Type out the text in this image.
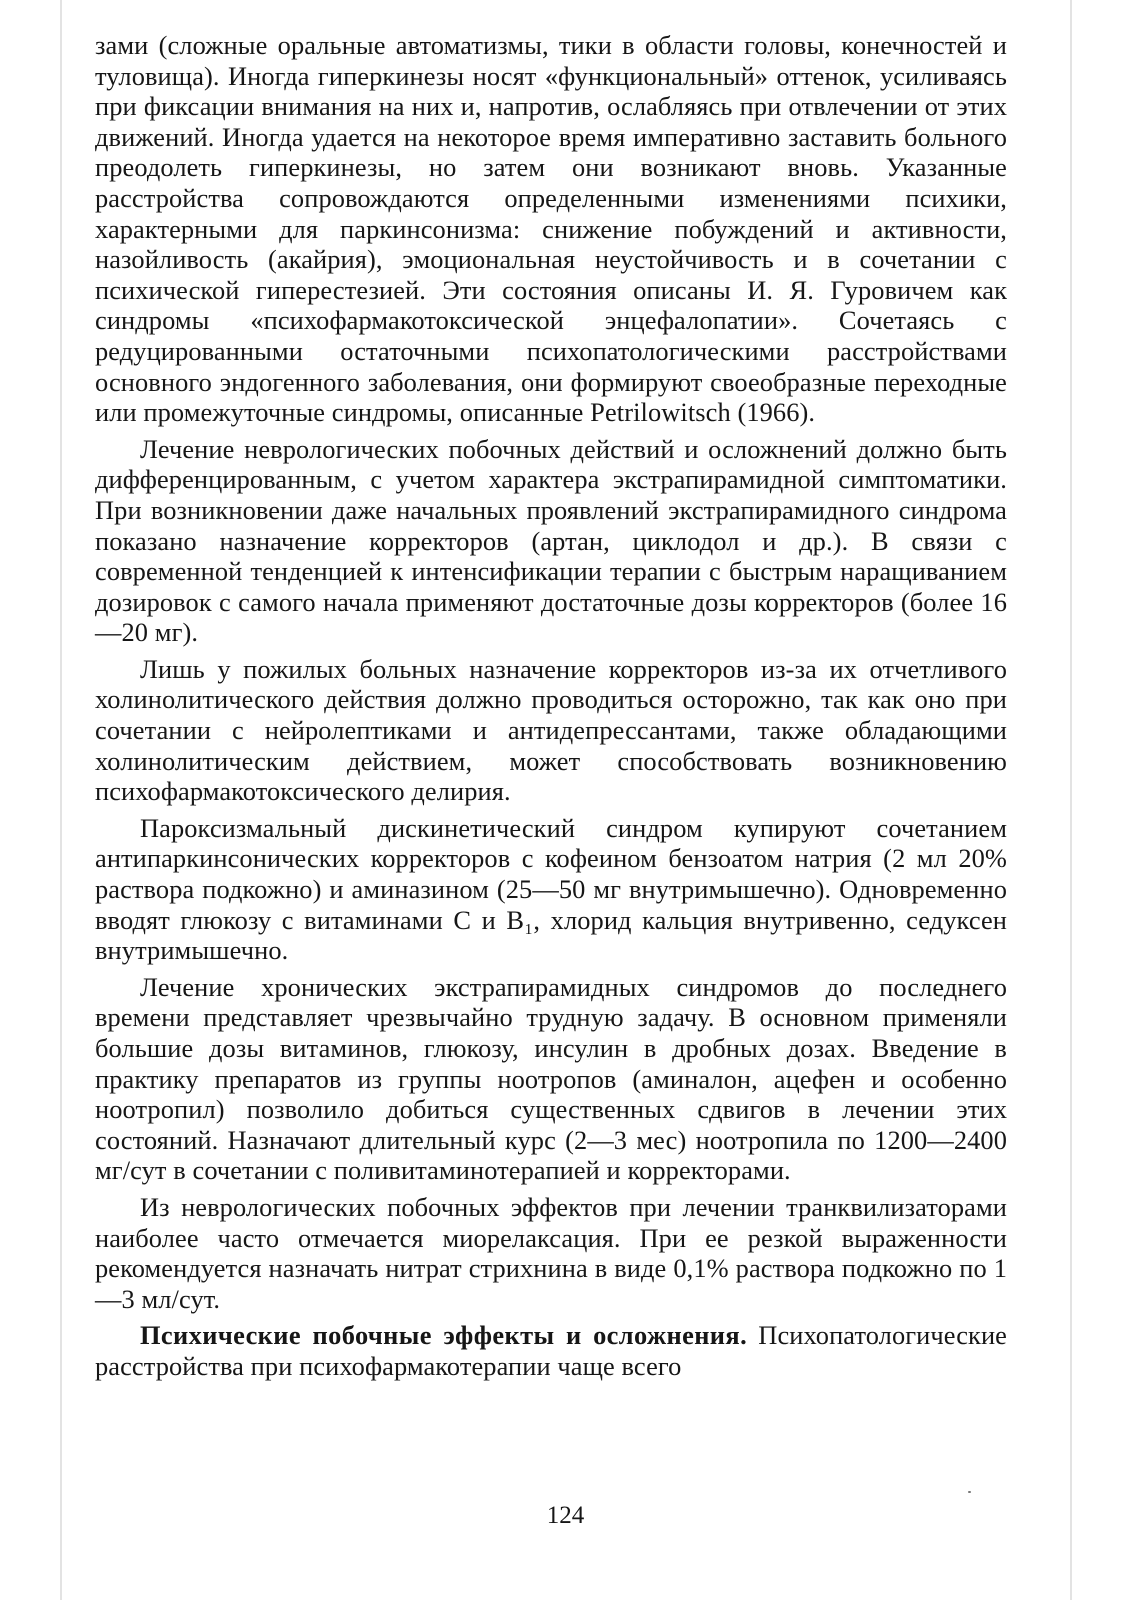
зами (сложные оральные автоматизмы, тики в области головы, конечностей и туловища). Иногда гиперкинезы носят «функциональный» оттенок, усиливаясь при фиксации внимания на них и, напротив, ослабляясь при отвлечении от этих движений. Иногда удается на некоторое время императивно заставить больного преодолеть гиперкинезы, но затем они возникают вновь. Указанные расстройства сопровождаются определенными изменениями психики, характерными для паркинсонизма: снижение побуждений и активности, назойливость (акайрия), эмоциональная неустойчивость и в сочетании с психической гиперестезией. Эти состояния описаны И. Я. Гуровичем как синдромы «психофармакотоксической энцефалопатии». Сочетаясь с редуцированными остаточными психопатологическими расстройствами основного эндогенного заболевания, они формируют своеобразные переходные или промежуточные синдромы, описанные Petrilowitsch (1966).

Лечение неврологических побочных действий и осложнений должно быть дифференцированным, с учетом характера экстрапирамидной симптоматики. При возникновении даже начальных проявлений экстрапирамидного синдрома показано назначение корректоров (артан, циклодол и др.). В связи с современной тенденцией к интенсификации терапии с быстрым наращиванием дозировок с самого начала применяют достаточные дозы корректоров (более 16—20 мг).

Лишь у пожилых больных назначение корректоров из-за их отчетливого холинолитического действия должно проводиться осторожно, так как оно при сочетании с нейролептиками и антидепрессантами, также обладающими холинолитическим действием, может способствовать возникновению психофармакотоксического делирия.

Пароксизмальный дискинетический синдром купируют сочетанием антипаркинсонических корректоров с кофеином бензоатом натрия (2 мл 20% раствора подкожно) и аминазином (25—50 мг внутримышечно). Одновременно вводят глюкозу с витаминами С и В₁, хлорид кальция внутривенно, седуксен внутримышечно.

Лечение хронических экстрапирамидных синдромов до последнего времени представляет чрезвычайно трудную задачу. В основном применяли большие дозы витаминов, глюкозу, инсулин в дробных дозах. Введение в практику препаратов из группы ноотропов (аминалон, ацефен и особенно ноотропил) позволило добиться существенных сдвигов в лечении этих состояний. Назначают длительный курс (2—3 мес) ноотропила по 1200—2400 мг/сут в сочетании с поливитаминотерапией и корректорами.

Из неврологических побочных эффектов при лечении транквилизаторами наиболее часто отмечается миорелаксация. При ее резкой выраженности рекомендуется назначать нитрат стрихнина в виде 0,1% раствора подкожно по 1—3 мл/сут.

Психические побочные эффекты и осложнения. Психопатологические расстройства при психофармакотерапии чаще всего

124
